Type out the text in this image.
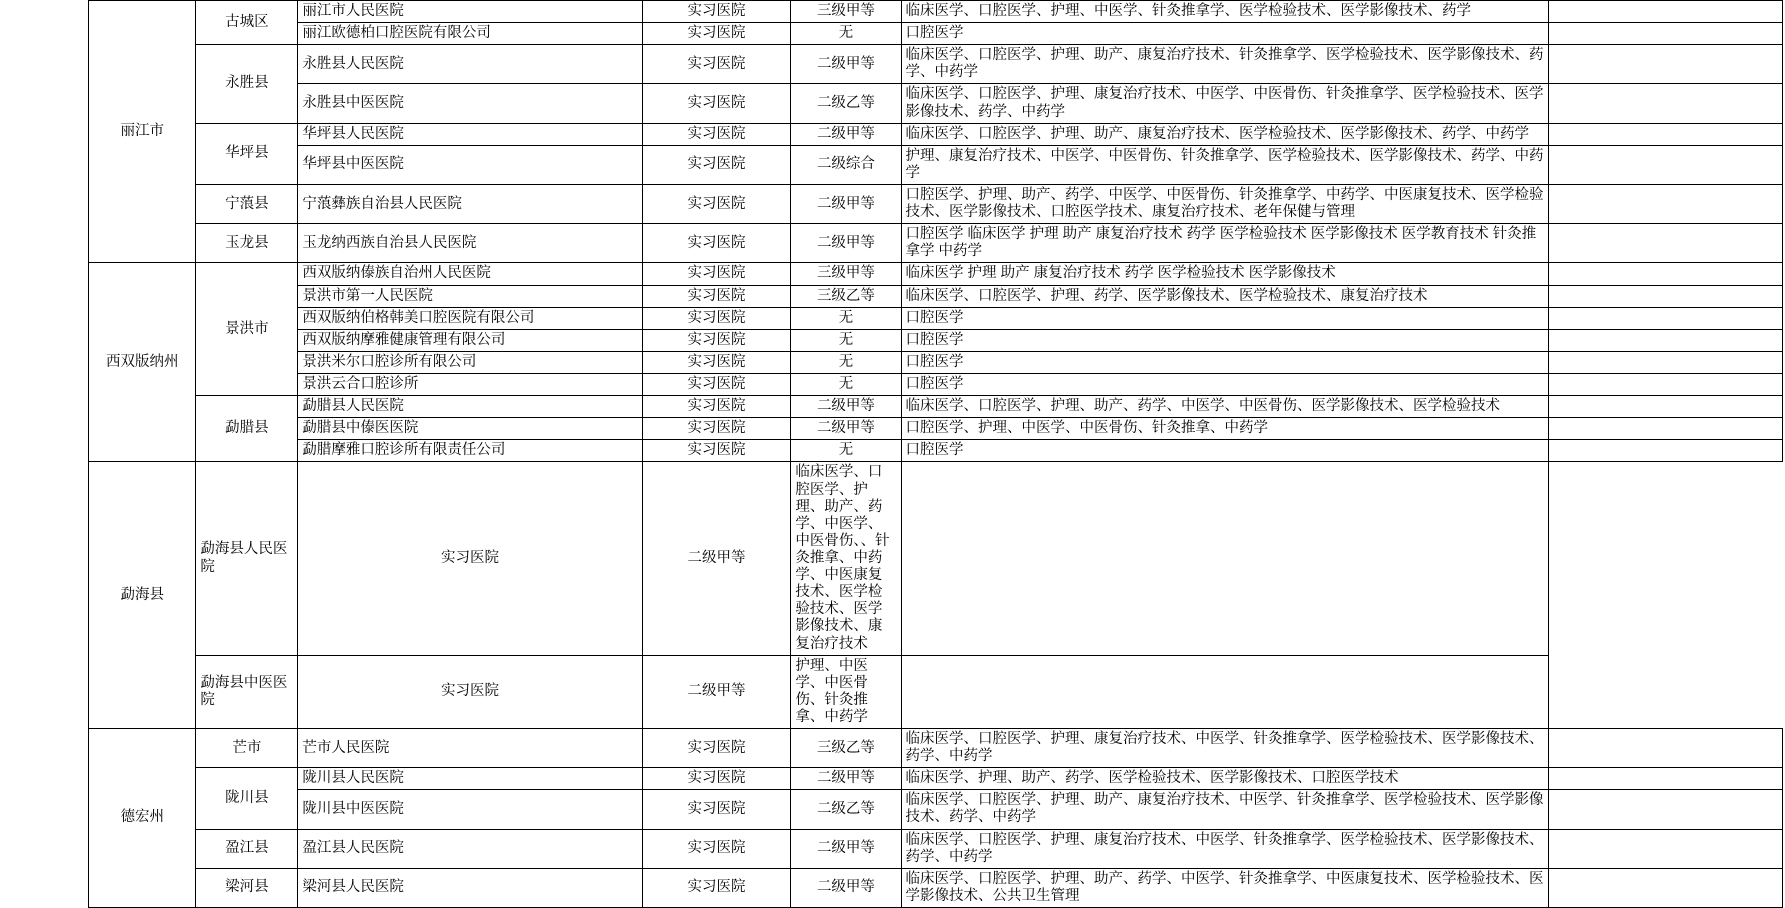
丽江市	古城区	丽江市人民医院	实习医院	三级甲等	临床医学、口腔医学、护理、中医学、针灸推拿学、医学检验技术、医学影像技术、药学	
		丽江欧德柏口腔医院有限公司	实习医院	无	口腔医学	
	永胜县	永胜县人民医院	实习医院	二级甲等	临床医学、口腔医学、护理、助产、康复治疗技术、针灸推拿学、医学检验技术、医学影像技术、药学、中药学	
		永胜县中医医院	实习医院	二级乙等	临床医学、口腔医学、护理、康复治疗技术、中医学、中医骨伤、针灸推拿学、医学检验技术、医学影像技术、药学、中药学	
	华坪县	华坪县人民医院	实习医院	二级甲等	临床医学、口腔医学、护理、助产、康复治疗技术、医学检验技术、医学影像技术、药学、中药学	
		华坪县中医医院	实习医院	二级综合	护理、康复治疗技术、中医学、中医骨伤、针灸推拿学、医学检验技术、医学影像技术、药学、中药学	
	宁蒗县	宁蒗彝族自治县人民医院	实习医院	二级甲等	口腔医学、护理、助产、药学、中医学、中医骨伤、针灸推拿学、中药学、中医康复技术、医学检验技术、医学影像技术、口腔医学技术、康复治疗技术、老年保健与管理	
	玉龙县	玉龙纳西族自治县人民医院	实习医院	二级甲等	口腔医学 临床医学 护理 助产 康复治疗技术 药学 医学检验技术 医学影像技术 医学教育技术 针灸推拿学 中药学	
西双版纳州	景洪市	西双版纳傣族自治州人民医院	实习医院	三级甲等	临床医学 护理 助产 康复治疗技术 药学 医学检验技术 医学影像技术	
		景洪市第一人民医院	实习医院	三级乙等	临床医学、口腔医学、护理、药学、医学影像技术、医学检验技术、康复治疗技术	
		西双版纳伯格韩美口腔医院有限公司	实习医院	无	口腔医学	
		西双版纳摩雅健康管理有限公司	实习医院	无	口腔医学	
		景洪米尔口腔诊所有限公司	实习医院	无	口腔医学	
		景洪云合口腔诊所	实习医院	无	口腔医学	
	勐腊县	勐腊县人民医院	实习医院	二级甲等	临床医学、口腔医学、护理、助产、药学、中医学、中医骨伤、医学影像技术、医学检验技术	
		勐腊县中傣医医院	实习医院	二级甲等	口腔医学、护理、中医学、中医骨伤、针灸推拿、中药学	
		勐腊摩雅口腔诊所有限责任公司	实习医院	无	口腔医学	
勐海县	勐海县人民医院	实习医院	二级甲等	临床医学、口腔医学、护理、助产、药学、中医学、中医骨伤、、针灸推拿、中药学、中医康复技术、医学检验技术、医学影像技术、康复治疗技术		
	勐海县中医医院	实习医院	二级甲等	护理、中医学、中医骨伤、针灸推拿、中药学		
德宏州	芒市	芒市人民医院	实习医院	三级乙等	临床医学、口腔医学、护理、康复治疗技术、中医学、针灸推拿学、医学检验技术、医学影像技术、药学、中药学	
	陇川县	陇川县人民医院	实习医院	二级甲等	临床医学、护理、助产、药学、医学检验技术、医学影像技术、口腔医学技术	
		陇川县中医医院	实习医院	二级乙等	临床医学、口腔医学、护理、助产、康复治疗技术、中医学、针灸推拿学、医学检验技术、医学影像技术、药学、中药学	
	盈江县	盈江县人民医院	实习医院	二级甲等	临床医学、口腔医学、护理、康复治疗技术、中医学、针灸推拿学、医学检验技术、医学影像技术、药学、中药学	
	梁河县	梁河县人民医院	实习医院	二级甲等	临床医学、口腔医学、护理、助产、药学、中医学、针灸推拿学、中医康复技术、医学检验技术、医学影像技术、公共卫生管理	
